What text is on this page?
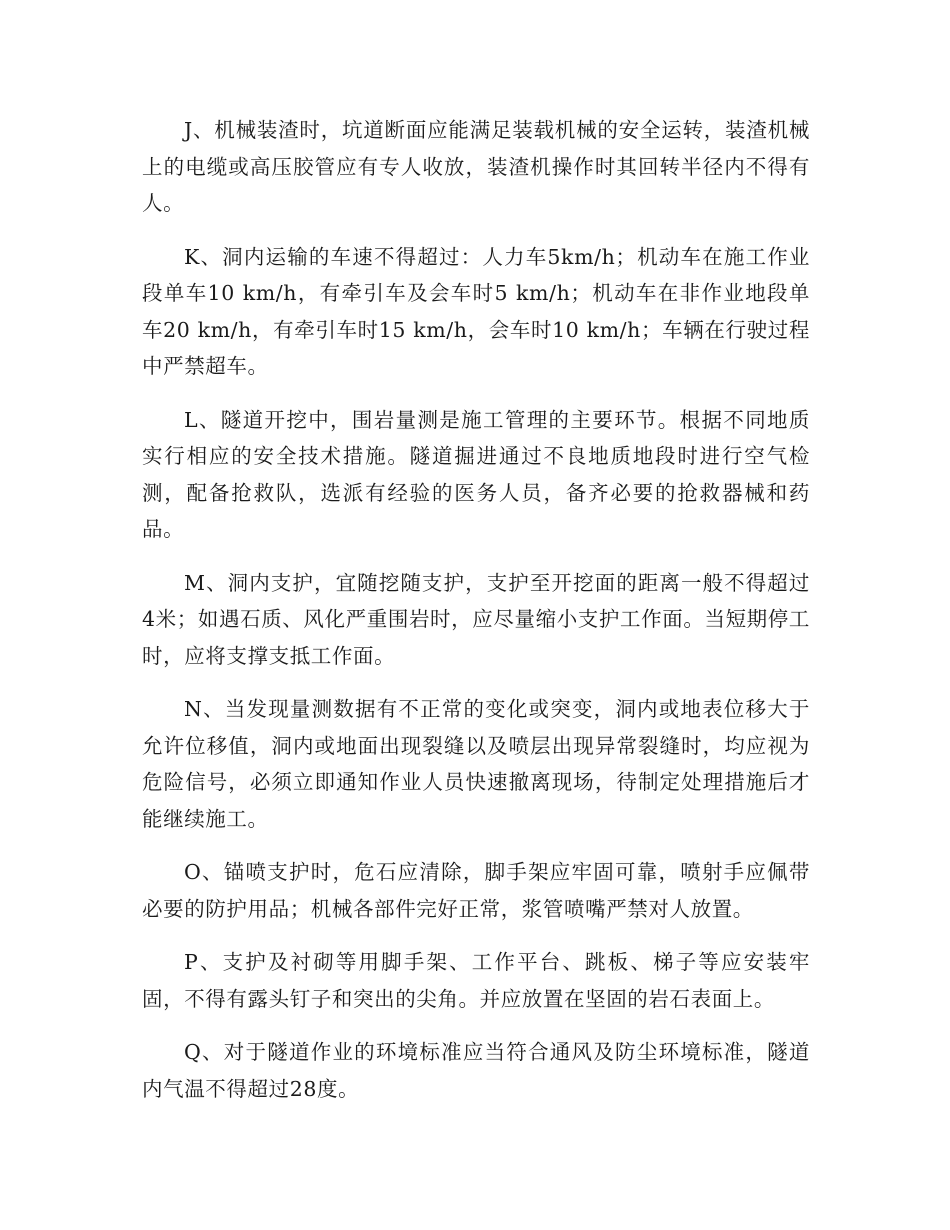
J、机械装渣时，坑道断面应能满足装载机械的安全运转，装渣机械上的电缆或高压胶管应有专人收放，装渣机操作时其回转半径内不得有人。

K、洞内运输的车速不得超过：人力车5km/h；机动车在施工作业段单车10 km/h，有牵引车及会车时5 km/h；机动车在非作业地段单车20 km/h，有牵引车时15 km/h，会车时10 km/h；车辆在行驶过程中严禁超车。

L、隧道开挖中，围岩量测是施工管理的主要环节。根据不同地质实行相应的安全技术措施。隧道掘进通过不良地质地段时进行空气检测，配备抢救队，选派有经验的医务人员，备齐必要的抢救器械和药品。

M、洞内支护，宜随挖随支护，支护至开挖面的距离一般不得超过4米；如遇石质、风化严重围岩时，应尽量缩小支护工作面。当短期停工时，应将支撑支抵工作面。

N、当发现量测数据有不正常的变化或突变，洞内或地表位移大于允许位移值，洞内或地面出现裂缝以及喷层出现异常裂缝时，均应视为危险信号，必须立即通知作业人员快速撤离现场，待制定处理措施后才能继续施工。

O、锚喷支护时，危石应清除，脚手架应牢固可靠，喷射手应佩带必要的防护用品；机械各部件完好正常，浆管喷嘴严禁对人放置。

P、支护及衬砌等用脚手架、工作平台、跳板、梯子等应安装牢固，不得有露头钉子和突出的尖角。并应放置在坚固的岩石表面上。

Q、对于隧道作业的环境标准应当符合通风及防尘环境标准，隧道内气温不得超过28度。
